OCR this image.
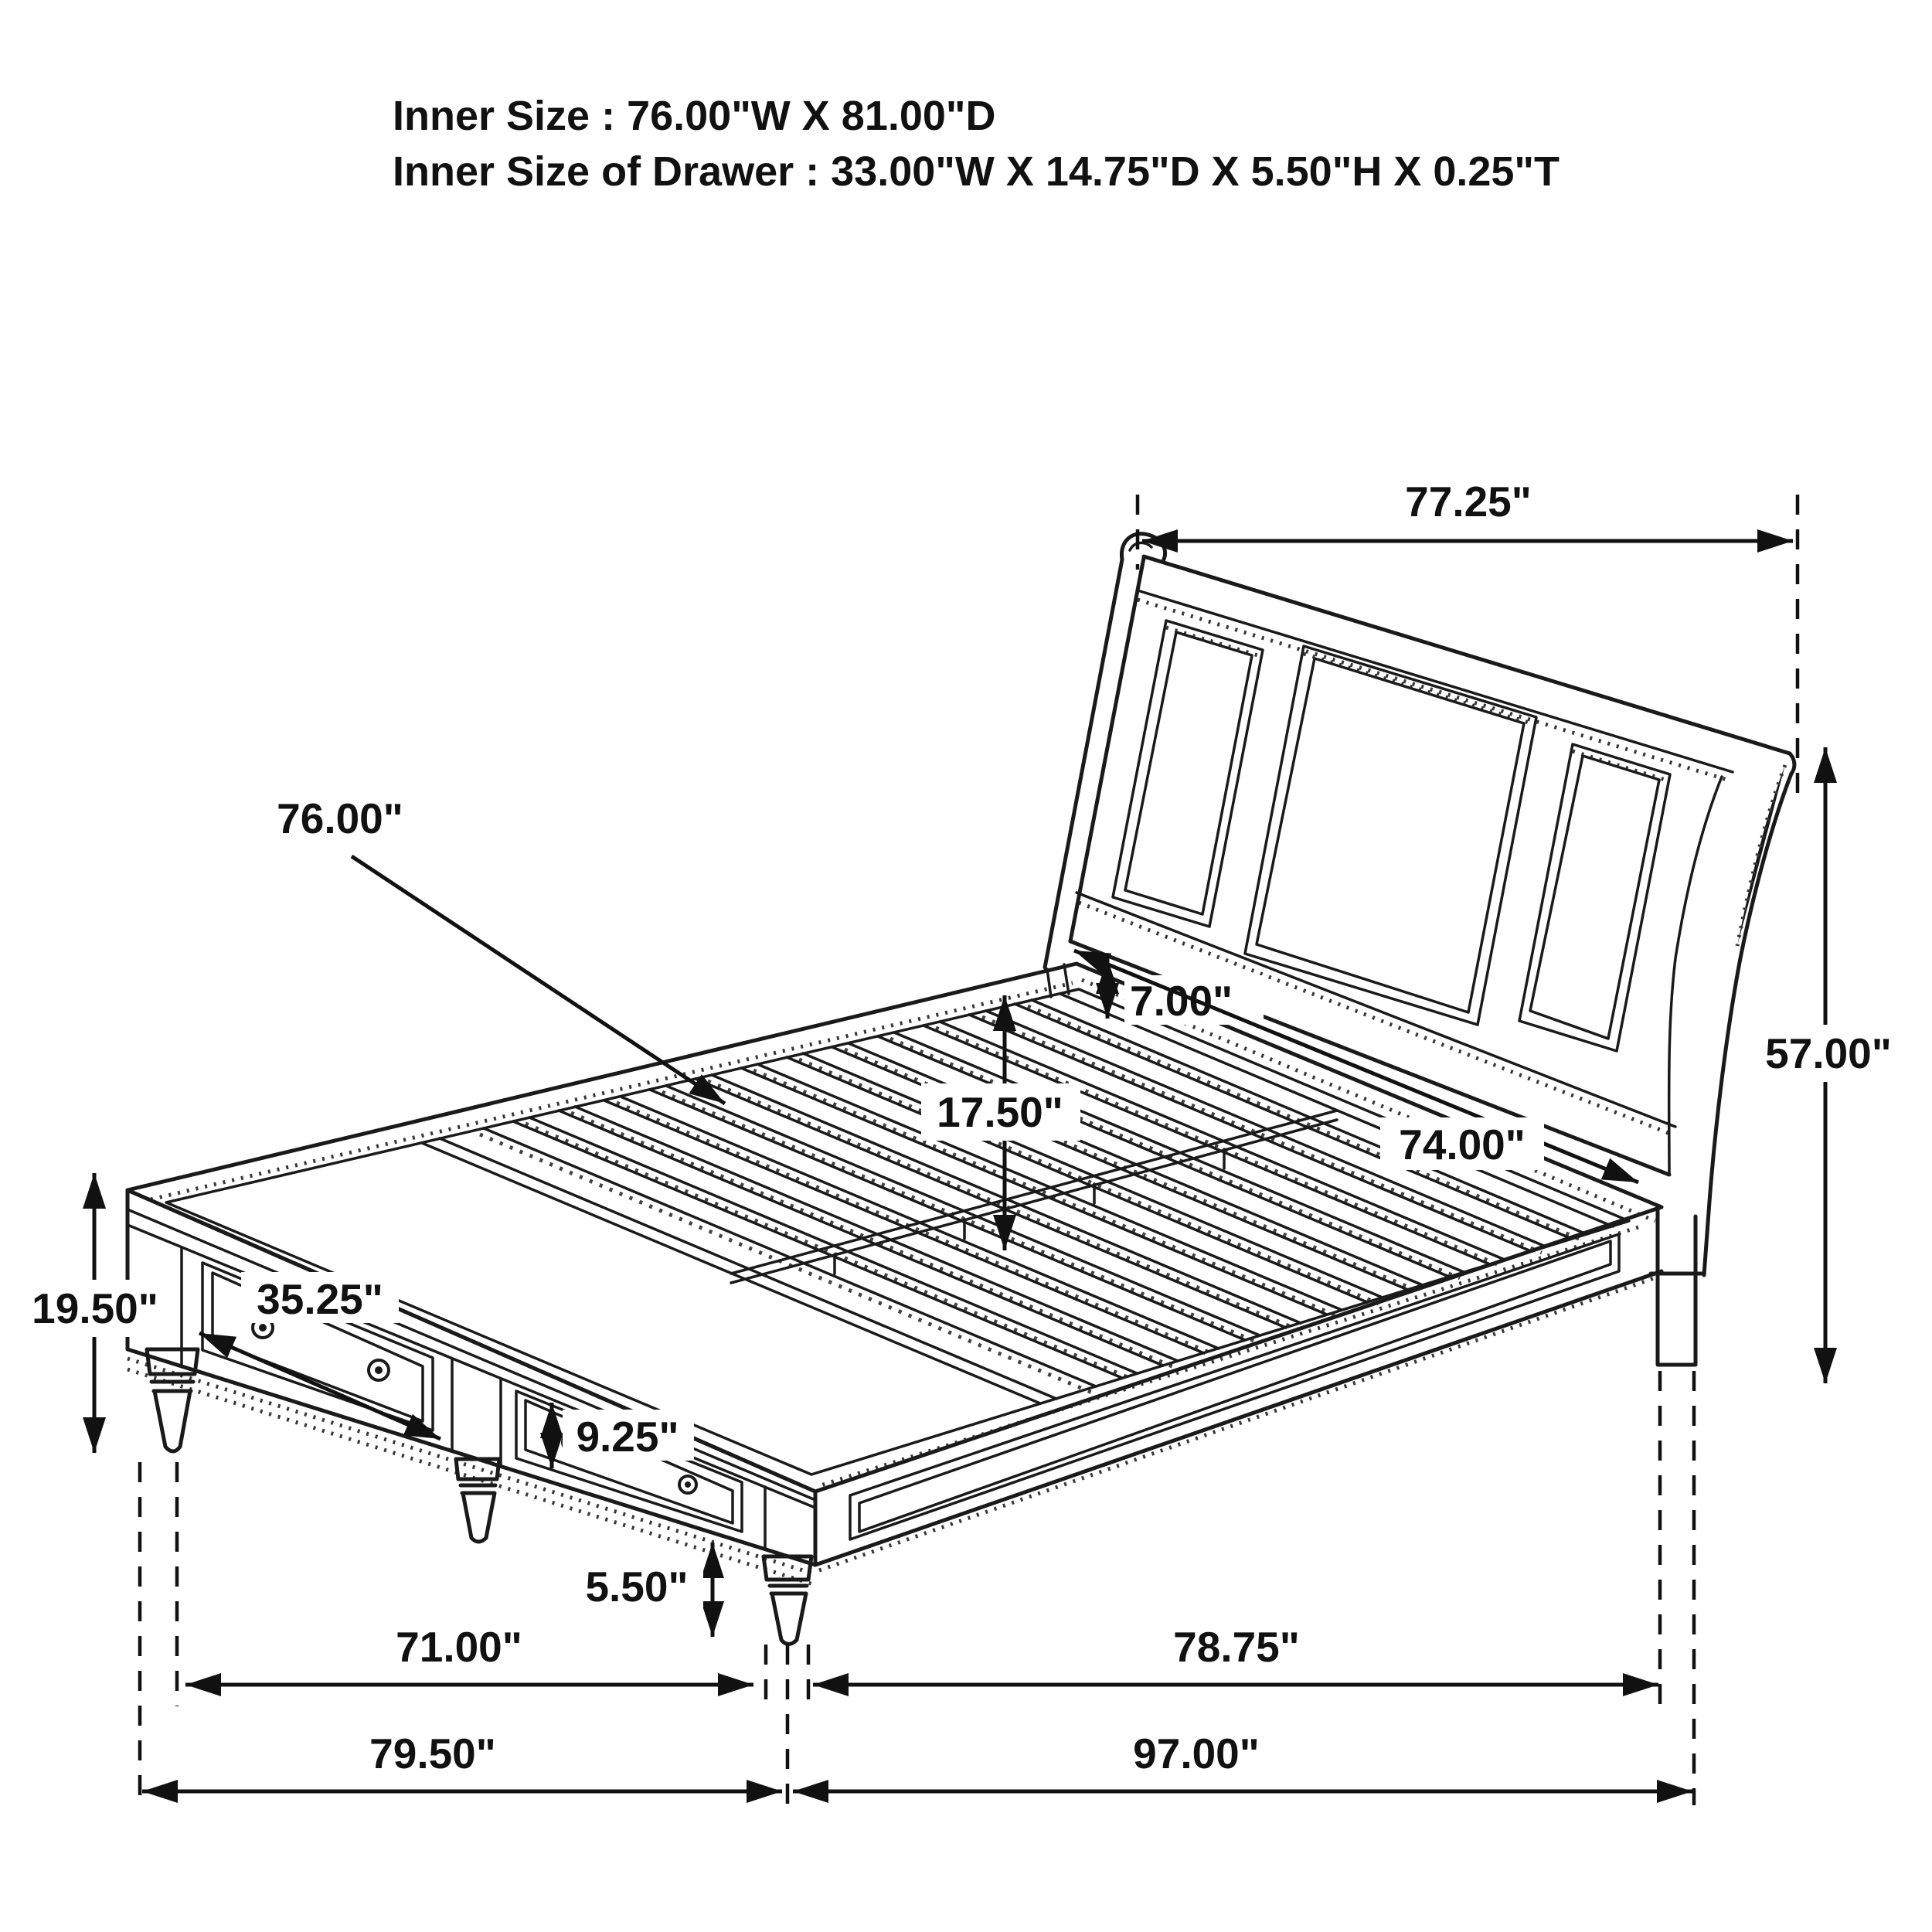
77.25"
76.00"
7.00"
17.50"
74.00"
57.00"
19.50" 35.25"
9.25"
5.50"
71.00"	78.75"
79.50"	97.00"
Inner Size : 76.00"W X 81.00"D
Inner Size of Drawer : 33.00"W X 14.75"D X 5.50"H X 0.25"T
